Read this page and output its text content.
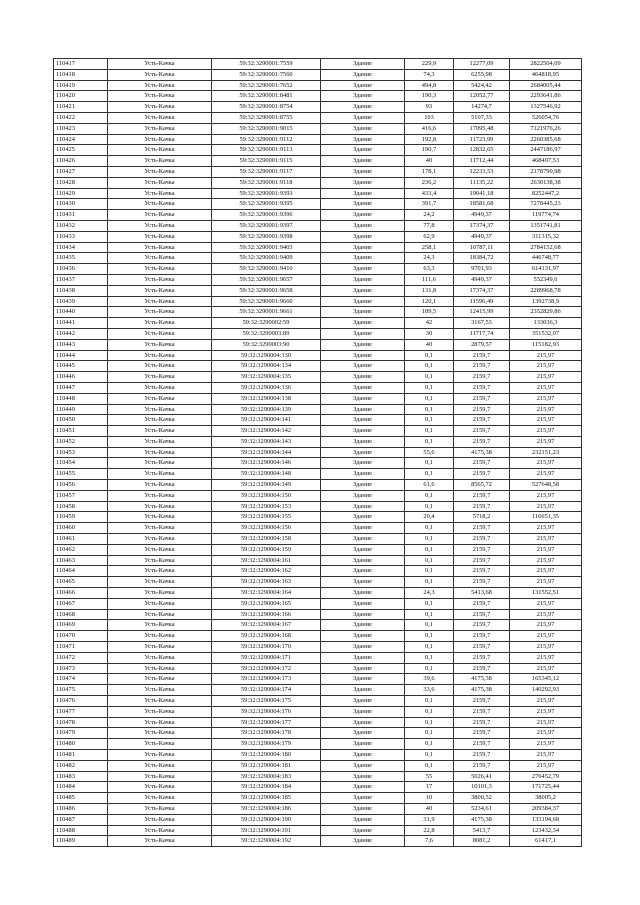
110417	Усть-Качка	59:32:3290001:7559	Здание	229,9	12277,09	2822504,09
110418	Усть-Качка	59:32:3290001:7560	Здание	74,3	6255,98	464818,95
110419	Усть-Качка	59:32:3290001:7652	Здание	494,8	5424,42	2684005,44
110420	Усть-Качка	59:32:3290001:8481	Здание	190,3	12052,77	2293641,86
110421	Усть-Качка	59:32:3290001:8754	Здание	93	14274,7	1327546,92
110422	Усть-Качка	59:32:3290001:8755	Здание	103	5107,33	526054,76
110423	Усть-Качка	59:32:3290001:9015	Здание	416,6	17095,48	7121976,26
110424	Усть-Качка	59:32:3290001:9112	Здание	192,8	11723,99	2260385,68
110425	Усть-Качка	59:32:3290001:9113	Здание	190,7	12832,65	2447186,97
110426	Усть-Качка	59:32:3290001:9115	Здание	40	11712,44	468497,53
110427	Усть-Качка	59:32:3290001:9117	Здание	178,1	12233,53	2178790,98
110428	Усть-Качка	59:32:3290001:9118	Здание	236,2	11135,22	2630138,38
110429	Усть-Качка	59:32:3290001:9393	Здание	433,4	19041,18	8252447,2
110430	Усть-Качка	59:32:3290001:9395	Здание	391,7	18581,68	7278445,23
110431	Усть-Качка	59:32:3290001:9396	Здание	24,2	4949,37	119774,74
110432	Усть-Качка	59:32:3290001:9397	Здание	77,8	17374,37	1351741,81
110433	Усть-Качка	59:32:3290001:9398	Здание	62,9	4949,37	311315,32
110434	Усть-Качка	59:32:3290001:9403	Здание	258,1	10787,11	2784152,68
110435	Усть-Качка	59:32:3290001:9409	Здание	24,3	18384,72	446748,77
110436	Усть-Качка	59:32:3290001:9410	Здание	63,3	9701,93	614131,97
110437	Усть-Качка	59:32:3290001:9657	Здание	111,6	4949,37	552349,6
110438	Усть-Качка	59:32:3290001:9658	Здание	131,8	17374,37	2289968,78
110439	Усть-Качка	59:32:3290001:9660	Здание	120,1	11596,49	1392738,9
110440	Усть-Качка	59:32:3290001:9661	Здание	189,5	12415,99	2352829,86
110441	Усть-Качка	59:32:3290002:59	Здание	42	3167,53	133036,3
110442	Усть-Качка	59:32:3290003:89	Здание	30	11717,74	351532,07
110443	Усть-Качка	59:32:3290003:90	Здание	40	2879,57	115182,93
110444	Усть-Качка	59:32:3290004:130	Здание	0,1	2159,7	215,97
110445	Усть-Качка	59:32:3290004:134	Здание	0,1	2159,7	215,97
110446	Усть-Качка	59:32:3290004:135	Здание	0,1	2159,7	215,97
110447	Усть-Качка	59:32:3290004:136	Здание	0,1	2159,7	215,97
110448	Усть-Качка	59:32:3290004:138	Здание	0,1	2159,7	215,97
110449	Усть-Качка	59:32:3290004:139	Здание	0,1	2159,7	215,97
110450	Усть-Качка	59:32:3290004:141	Здание	0,1	2159,7	215,97
110451	Усть-Качка	59:32:3290004:142	Здание	0,1	2159,7	215,97
110452	Усть-Качка	59:32:3290004:143	Здание	0,1	2159,7	215,97
110453	Усть-Качка	59:32:3290004:144	Здание	55,6	4175,38	232151,23
110454	Усть-Качка	59:32:3290004:146	Здание	0,1	2159,7	215,97
110455	Усть-Качка	59:32:3290004:148	Здание	0,1	2159,7	215,97
110456	Усть-Качка	59:32:3290004:149	Здание	61,6	8565,72	527648,58
110457	Усть-Качка	59:32:3290004:150	Здание	0,1	2159,7	215,97
110458	Усть-Качка	59:32:3290004:153	Здание	0,1	2159,7	215,97
110459	Усть-Качка	59:32:3290004:155	Здание	20,4	5718,2	116651,35
110460	Усть-Качка	59:32:3290004:156	Здание	0,1	2159,7	215,97
110461	Усть-Качка	59:32:3290004:158	Здание	0,1	2159,7	215,97
110462	Усть-Качка	59:32:3290004:159	Здание	0,1	2159,7	215,97
110463	Усть-Качка	59:32:3290004:161	Здание	0,1	2159,7	215,97
110464	Усть-Качка	59:32:3290004:162	Здание	0,1	2159,7	215,97
110465	Усть-Качка	59:32:3290004:163	Здание	0,1	2159,7	215,97
110466	Усть-Качка	59:32:3290004:164	Здание	24,3	5413,68	131552,51
110467	Усть-Качка	59:32:3290004:165	Здание	0,1	2159,7	215,97
110468	Усть-Качка	59:32:3290004:166	Здание	0,1	2159,7	215,97
110469	Усть-Качка	59:32:3290004:167	Здание	0,1	2159,7	215,97
110470	Усть-Качка	59:32:3290004:168	Здание	0,1	2159,7	215,97
110471	Усть-Качка	59:32:3290004:170	Здание	0,1	2159,7	215,97
110472	Усть-Качка	59:32:3290004:171	Здание	0,1	2159,7	215,97
110473	Усть-Качка	59:32:3290004:172	Здание	0,1	2159,7	215,97
110474	Усть-Качка	59:32:3290004:173	Здание	39,6	4175,38	165345,12
110475	Усть-Качка	59:32:3290004:174	Здание	33,6	4175,38	140292,93
110476	Усть-Качка	59:32:3290004:175	Здание	0,1	2159,7	215,97
110477	Усть-Качка	59:32:3290004:176	Здание	0,1	2159,7	215,97
110478	Усть-Качка	59:32:3290004:177	Здание	0,1	2159,7	215,97
110479	Усть-Качка	59:32:3290004:178	Здание	0,1	2159,7	215,97
110480	Усть-Качка	59:32:3290004:179	Здание	0,1	2159,7	215,97
110481	Усть-Качка	59:32:3290004:180	Здание	0,1	2159,7	215,97
110482	Усть-Качка	59:32:3290004:181	Здание	0,1	2159,7	215,97
110483	Усть-Качка	59:32:3290004:183	Здание	55	5026,41	276452,79
110484	Усть-Качка	59:32:3290004:184	Здание	17	10101,3	171725,44
110485	Усть-Качка	59:32:3290004:185	Здание	10	3800,52	38005,2
110486	Усть-Качка	59:32:3290004:186	Здание	40	5234,61	209384,37
110487	Усть-Качка	59:32:3290004:190	Здание	31,9	4175,38	133194,68
110488	Усть-Качка	59:32:3290004:191	Здание	22,8	5413,7	123432,34
110489	Усть-Качка	59:32:3290004:192	Здание	7,6	8081,2	61417,1
